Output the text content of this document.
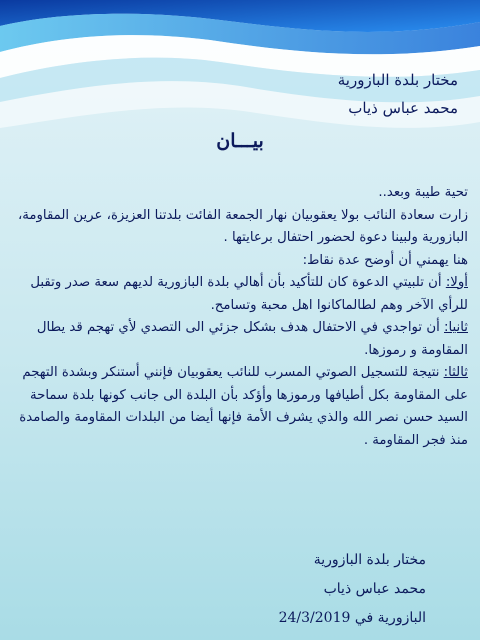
مختار بلدة البازورية
محمد عباس ذياب
بيـــان

تحية طيبة وبعد..

زارت سعادة النائب بولا يعقوبيان نهار الجمعة الفائت بلدتنا العزيزة، عرين المقاومة، البازورية ولبينا دعوة لحضور احتفال برعايتها .

هنا يهمني أن أوضح عدة نقاط:

أولا: أن تلبيتي الدعوة كان للتأكيد بأن أهالي بلدة البازورية لديهم سعة صدر وتقبل للرأي الآخر وهم لطالماكانوا اهل محبة وتسامح.

ثانيا: أن تواجدي في الاحتفال هدف بشكل جزئي الى التصدي لأي تهجم قد يطال المقاومة و رموزها.

ثالثا: نتيجة للتسجيل الصوتي المسرب للنائب يعقوبيان فإنني أستنكر وبشدة التهجم على المقاومة بكل أطيافها ورموزها وأؤكد بأن البلدة الى جانب كونها بلدة سماحة السيد حسن نصر الله والذي يشرف الأمة فإنها أيضا من البلدات المقاومة والصامدة منذ فجر المقاومة .

مختار بلدة البازورية
محمد عباس ذياب
البازورية في 24/3/2019
